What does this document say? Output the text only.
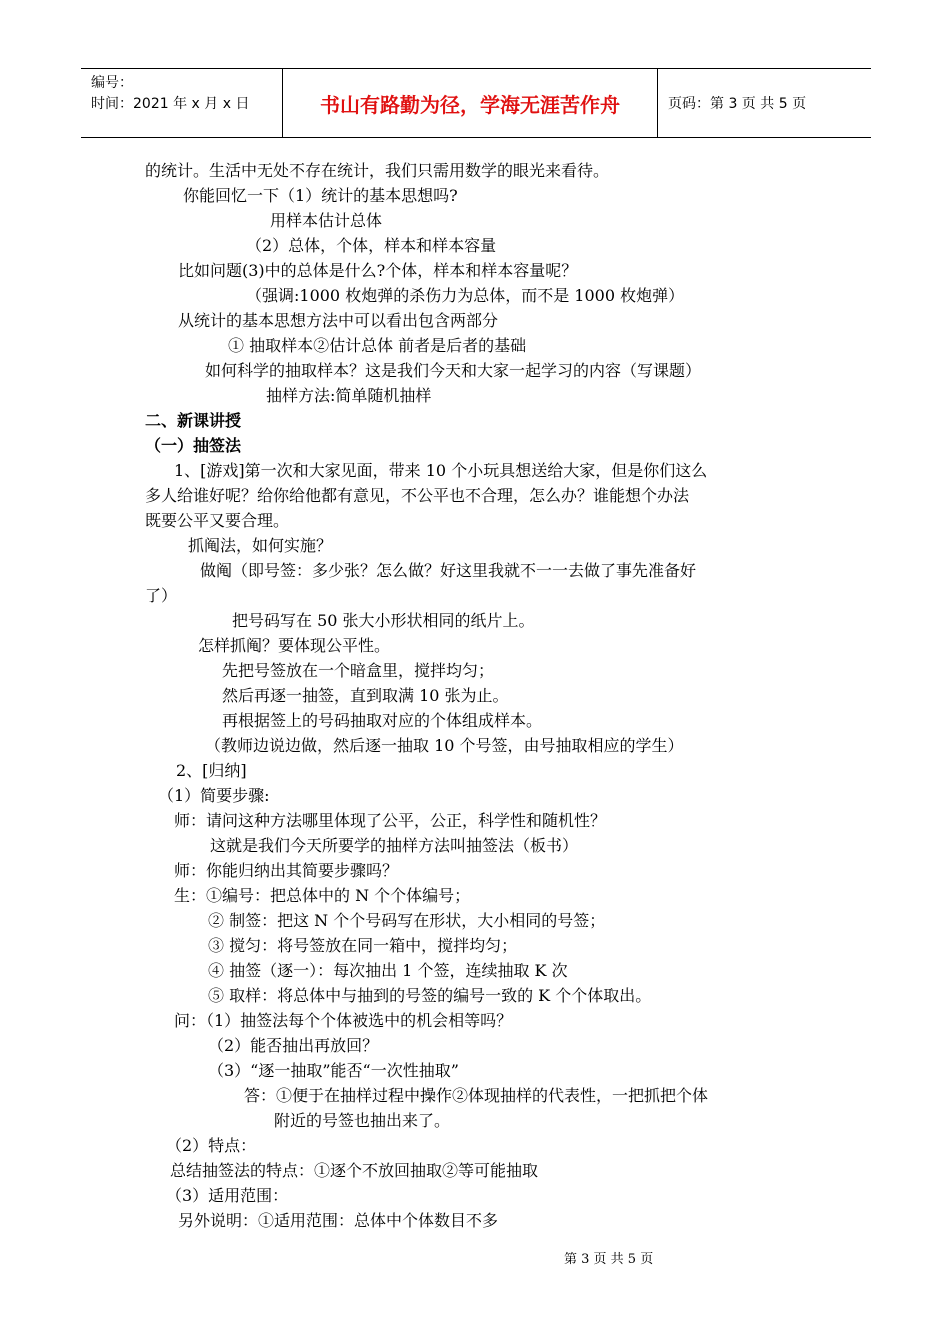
编号：
时间：2021 年 x 月 x 日	书山有路勤为径，学海无涯苦作舟	页码：第 3 页 共 5 页
的统计。生活中无处不存在统计，我们只需用数学的眼光来看待。
你能回忆一下（1）统计的基本思想吗?
用样本估计总体
（2）总体，个体，样本和样本容量
比如问题(3)中的总体是什么?个体，样本和样本容量呢？
（强调:1000 枚炮弹的杀伤力为总体，而不是 1000 枚炮弹）
从统计的基本思想方法中可以看出包含两部分
① 抽取样本②估计总体 前者是后者的基础
如何科学的抽取样本？这是我们今天和大家一起学习的内容（写课题）
抽样方法:简单随机抽样
二、新课讲授
（一）抽签法
1、[游戏]第一次和大家见面，带来 10 个小玩具想送给大家，但是你们这么
多人给谁好呢？给你给他都有意见，不公平也不合理，怎么办？谁能想个办法
既要公平又要合理。
抓阄法，如何实施？
做阄（即号签：多少张？怎么做？好这里我就不一一去做了事先准备好
了）
把号码写在 50 张大小形状相同的纸片上。
怎样抓阄？要体现公平性。
先把号签放在一个暗盒里，搅拌均匀；
然后再逐一抽签，直到取满 10 张为止。
再根据签上的号码抽取对应的个体组成样本。
（教师边说边做，然后逐一抽取 10 个号签，由号抽取相应的学生）
2、[归纳]
（1）简要步骤:
师：请问这种方法哪里体现了公平，公正，科学性和随机性？
这就是我们今天所要学的抽样方法叫抽签法（板书）
师：你能归纳出其简要步骤吗？
生：①编号：把总体中的 N 个个体编号；
② 制签：把这 N 个个号码写在形状，大小相同的号签；
③ 搅匀：将号签放在同一箱中，搅拌均匀；
④ 抽签（逐一）：每次抽出 1 个签，连续抽取 K 次
⑤ 取样：将总体中与抽到的号签的编号一致的 K 个个体取出。
问：（1）抽签法每个个体被选中的机会相等吗？
（2）能否抽出再放回？
（3）“逐一抽取”能否“一次性抽取”
答：①便于在抽样过程中操作②体现抽样的代表性，一把抓把个体
附近的号签也抽出来了。
（2）特点：
总结抽签法的特点：①逐个不放回抽取②等可能抽取
（3）适用范围：
另外说明：①适用范围：总体中个体数目不多
第 3 页 共 5 页
